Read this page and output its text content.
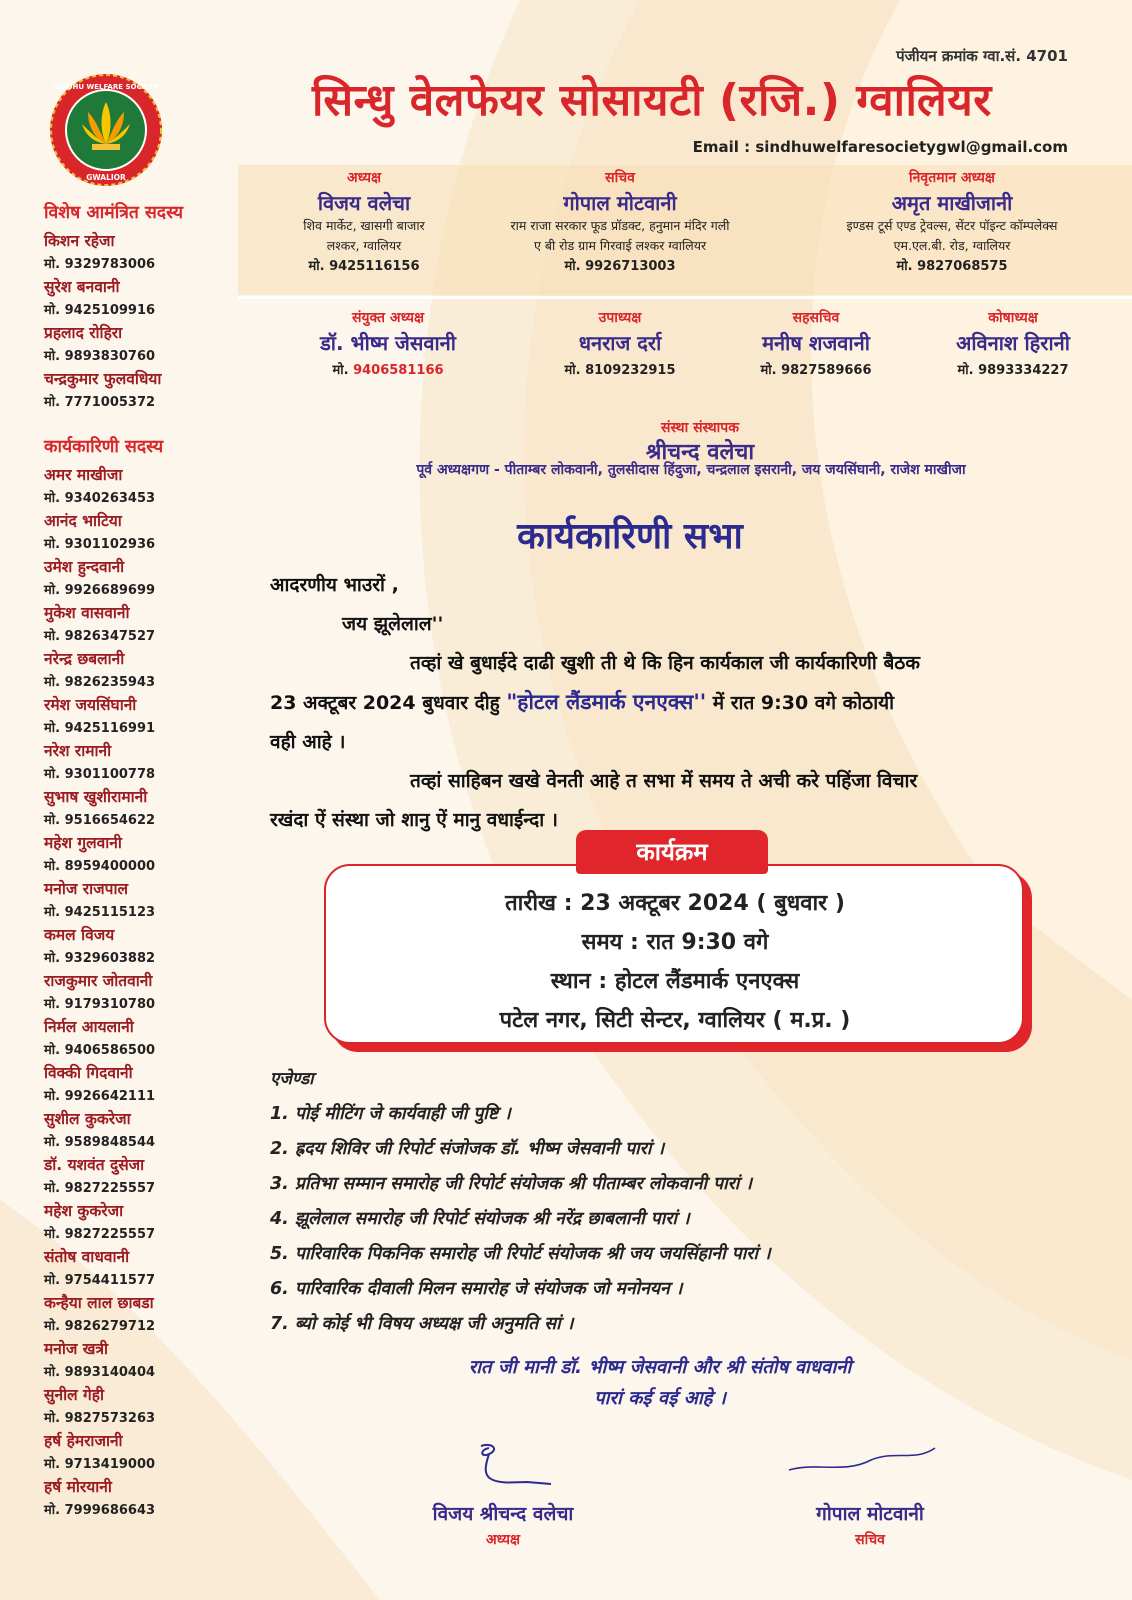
SINDHU WELFARE SOCIETY
GWALIOR
पंजीयन क्रमांक ग्वा.सं. 4701
सिन्धु वेलफेयर सोसायटी (रजि.) ग्वालियर
Email : sindhuwelfaresocietygwl@gmail.com
अध्यक्ष
विजय वलेचा
शिव मार्केट, खासगी बाजार
लश्कर, ग्वालियर
मो. 9425116156
सचिव
गोपाल मोटवानी
राम राजा सरकार फूड प्रॉडक्ट, हनुमान मंदिर गली
ए बी रोड ग्राम गिरवाई लश्कर ग्वालियर
मो. 9926713003
निवृतमान अध्यक्ष
अमृत माखीजानी
इण्डस टूर्स एण्ड ट्रेवल्स, सेंटर पॉइन्ट कॉम्पलेक्स
एम.एल.बी. रोड, ग्वालियर
मो. 9827068575
संयुक्त अध्यक्ष
डॉ. भीष्म जेसवानी
मो. 9406581166
उपाध्यक्ष
धनराज दर्रा
मो. 8109232915
सहसचिव
मनीष शजवानी
मो. 9827589666
कोषाध्यक्ष
अविनाश हिरानी
मो. 9893334227
संस्था संस्थापक
श्रीचन्द वलेचा
पूर्व अध्यक्षगण - पीताम्बर लोकवानी, तुलसीदास हिंदुजा, चन्द्रलाल इसरानी, जय जयसिंघानी, राजेश माखीजा
विशेष आमंत्रित सदस्य
किशन रहेजा
मो. 9329783006
सुरेश बनवानी
मो. 9425109916
प्रहलाद रोहिरा
मो. 9893830760
चन्द्रकुमार फुलवधिया
मो. 7771005372
कार्यकारिणी सदस्य
अमर माखीजा
मो. 9340263453
आनंद भाटिया
मो. 9301102936
उमेश हुन्दवानी
मो. 9926689699
मुकेश वासवानी
मो. 9826347527
नरेन्द्र छबलानी
मो. 9826235943
रमेश जयसिंघानी
मो. 9425116991
नरेश रामानी
मो. 9301100778
सुभाष खुशीरामानी
मो. 9516654622
महेश गुलवानी
मो. 8959400000
मनोज राजपाल
मो. 9425115123
कमल विजय
मो. 9329603882
राजकुमार जोतवानी
मो. 9179310780
निर्मल आयलानी
मो. 9406586500
विक्की गिदवानी
मो. 9926642111
सुशील कुकरेजा
मो. 9589848544
डॉ. यशवंत दुसेजा
मो. 9827225557
महेश कुकरेजा
मो. 9827225557
संतोष वाधवानी
मो. 9754411577
कन्हैया लाल छाबडा
मो. 9826279712
मनोज खत्री
मो. 9893140404
सुनील गेही
मो. 9827573263
हर्ष हेमराजानी
मो. 9713419000
हर्ष मोरयानी
मो. 7999686643
कार्यकारिणी सभा
आदरणीय भाउरों ,
जय झूलेलाल''
तव्हां खे बुधाईदे दाढी खुशी ती थे कि हिन कार्यकाल जी कार्यकारिणी बैठक
23 अक्टूबर 2024 बुधवार दीहु "होटल लैंडमार्क एनएक्स'' में रात 9:30 वगे कोठायी
वही आहे ।
तव्हां साहिबन खखे वेनती आहे त सभा में समय ते अची करे पहिंजा विचार
रखंदा ऐं संस्था जो शानु ऐं मानु वधाईन्दा ।
कार्यक्रम
तारीख : 23 अक्टूबर 2024 ( बुधवार )
समय : रात 9:30 वगे
स्थान : होटल लैंडमार्क एनएक्स
पटेल नगर, सिटी सेन्टर, ग्वालियर ( म.प्र. )
एजेण्डा
1. पोई मीटिंग जे कार्यवाही जी पुष्टि ।
2. ह्रदय शिविर जी रिपोर्ट संजोजक डॉ. भीष्म जेसवानी पारां ।
3. प्रतिभा सम्मान समारोह जी रिपोर्ट संयोजक श्री पीताम्बर लोकवानी पारां ।
4. झूलेलाल समारोह जी रिपोर्ट संयोजक श्री नरेंद्र छाबलानी पारां ।
5. पारिवारिक पिकनिक समारोह जी रिपोर्ट संयोजक श्री जय जयसिंहानी पारां ।
6. पारिवारिक दीवाली मिलन समारोह जे संयोजक जो मनोनयन ।
7. ब्यो कोई भी विषय अध्यक्ष जी अनुमति सां ।
रात जी मानी डॉ. भीष्म जेसवानी और श्री संतोष वाधवानी
पारां कई वई आहे ।
विजय श्रीचन्द वलेचा
अध्यक्ष
गोपाल मोटवानी
सचिव
